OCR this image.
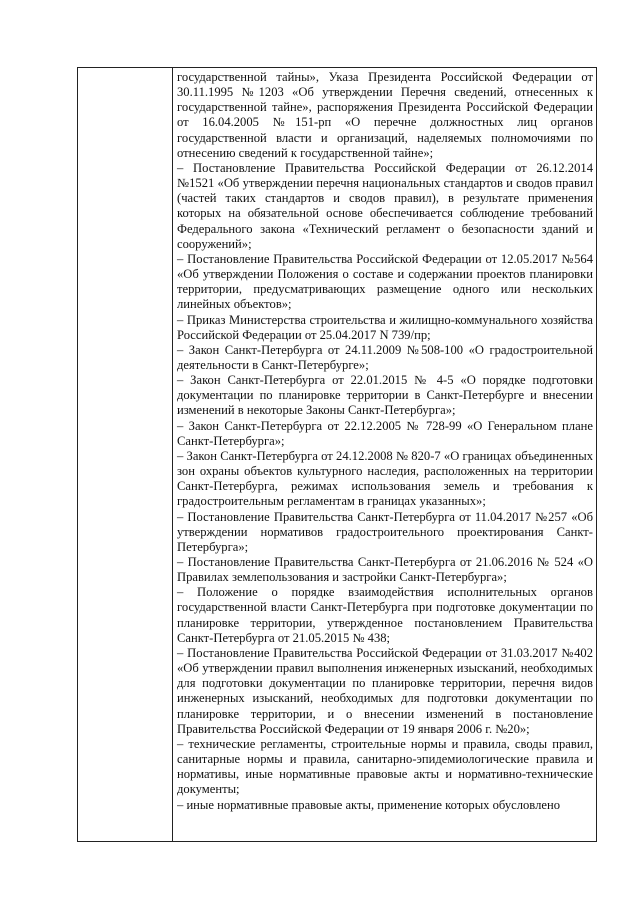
государственной тайны», Указа Президента Российской Федерации от 30.11.1995 №1203 «Об утверждении Перечня сведений, отнесенных к государственной тайне», распоряжения Президента Российской Федерации от 16.04.2005 №151-рп «О перечне должностных лиц органов государственной власти и организаций, наделяемых полномочиями по отнесению сведений к государственной тайне»;

– Постановление Правительства Российской Федерации от 26.12.2014 №1521 «Об утверждении перечня национальных стандартов и сводов правил (частей таких стандартов и сводов правил), в результате применения которых на обязательной основе обеспечивается соблюдение требований Федерального закона «Технический регламент о безопасности зданий и сооружений»;

– Постановление Правительства Российской Федерации от 12.05.2017 №564 «Об утверждении Положения о составе и содержании проектов планировки территории, предусматривающих размещение одного или нескольких линейных объектов»;

– Приказ Министерства строительства и жилищно-коммунального хозяйства Российской Федерации от 25.04.2017 N 739/пр;

– Закон Санкт-Петербурга от 24.11.2009 №508-100 «О градостроительной деятельности в Санкт-Петербурге»;

– Закон Санкт-Петербурга от 22.01.2015 № 4-5 «О порядке подготовки документации по планировке территории в Санкт-Петербурге и внесении изменений в некоторые Законы Санкт-Петербурга»;

– Закон Санкт-Петербурга от 22.12.2005 № 728-99 «О Генеральном плане Санкт-Петербурга»;

– Закон Санкт-Петербурга от 24.12.2008 № 820-7 «О границах объединенных зон охраны объектов культурного наследия, расположенных на территории Санкт-Петербурга, режимах использования земель и требования к градостроительным регламентам в границах указанных»;

– Постановление Правительства Санкт-Петербурга от 11.04.2017 №257 «Об утверждении нормативов градостроительного проектирования Санкт-Петербурга»;

– Постановление Правительства Санкт-Петербурга от 21.06.2016 № 524 «О Правилах землепользования и застройки Санкт-Петербурга»;

– Положение о порядке взаимодействия исполнительных органов государственной власти Санкт-Петербурга при подготовке документации по планировке территории, утвержденное постановлением Правительства Санкт-Петербурга от 21.05.2015 № 438;

– Постановление Правительства Российской Федерации от 31.03.2017 №402 «Об утверждении правил выполнения инженерных изысканий, необходимых для подготовки документации по планировке территории, перечня видов инженерных изысканий, необходимых для подготовки документации по планировке территории, и о внесении изменений в постановление Правительства Российской Федерации от 19 января 2006 г. №20»;

– технические регламенты, строительные нормы и правила, своды правил, санитарные нормы и правила, санитарно-эпидемиологические правила и нормативы, иные нормативные правовые акты и нормативно-технические документы;

– иные нормативные правовые акты, применение которых обусловлено
